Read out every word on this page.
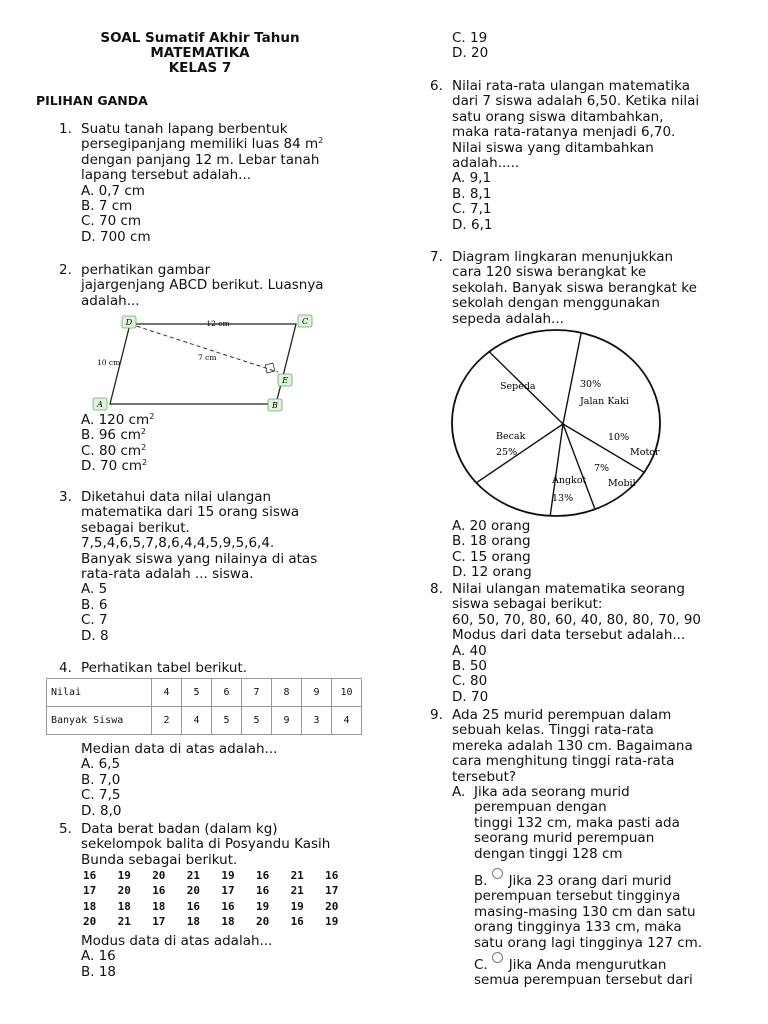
SOAL Sumatif Akhir Tahun
MATEMATIKA
KELAS 7
PILIHAN GANDA

1. Suatu tanah lapang berbentuk

persegipanjang memiliki luas 84 $m^2$

dengan panjang 12 m. Lebar tanah

lapang tersebut adalah...

A. 0,7 cm

B. 7 cm

C. 70 cm

D. 700 cm

2. perhatikan gambar

jajargenjang ABCD berikut. Luasnya

adalah...

D	C
A	B
E
12 cm
10 cm
7 cm

A. 120 $cm^2$

B. 96 $cm^2$

C. 80 $cm^2$

D. 70 $cm^2$

3. Diketahui data nilai ulangan

matematika dari 15 orang siswa

sebagai berikut.

7,5,4,6,5,7,8,6,4,4,5,9,5,6,4.

Banyak siswa yang nilainya di atas

rata-rata adalah ... siswa.

A. 5

B. 6

C. 7

D. 8

4. Perhatikan tabel berikut.

Nilai	4	5	6	7	8	9	10
Banyak Siswa	2	4	5	5	9	3	4

Median data di atas adalah...

A. 6,5

B. 7,0

C. 7,5

D. 8,0

5. Data berat badan (dalam kg)

sekelompok balita di Posyandu Kasih

Bunda sebagai berikut.

16 19 20 21 19 16 21 16
17 20 16 20 17 16 21 17
18 18 18 16 16 19 19 20
20 21 17 18 18 20 16 19

Modus data di atas adalah...

A. 16

B. 18

C. 19

D. 20

6. Nilai rata-rata ulangan matematika

dari 7 siswa adalah 6,50. Ketika nilai

satu orang siswa ditambahkan,

maka rata-ratanya menjadi 6,70.

Nilai siswa yang ditambahkan

adalah.....

A. 9,1

B. 8,1

C. 7,1

D. 6,1

7. Diagram lingkaran menunjukkan

cara 120 siswa berangkat ke

sekolah. Banyak siswa berangkat ke

sekolah dengan menggunakan

sepeda adalah...

Sepeda	30%
Jalan Kaki
Becak
25%
10%
Motor
7%
Mobil
Angkot
13%

A. 20 orang

B. 18 orang

C. 15 orang

D. 12 orang

8. Nilai ulangan matematika seorang

siswa sebagai berikut:

60, 50, 70, 80, 60, 40, 80, 80, 70, 90

Modus dari data tersebut adalah...

A. 40

B. 50

C. 80

D. 70

9. Ada 25 murid perempuan dalam

sebuah kelas. Tinggi rata-rata

mereka adalah 130 cm. Bagaimana

cara menghitung tinggi rata-rata

tersebut?

A. Jika ada seorang murid

perempuan dengan

tinggi 132 cm, maka pasti ada

seorang murid perempuan

dengan tinggi 128 cm

B. Jika 23 orang dari murid

perempuan tersebut tingginya

masing-masing 130 cm dan satu

orang tingginya 133 cm, maka

satu orang lagi tingginya 127 cm.

C. Jika Anda mengurutkan

semua perempuan tersebut dari
